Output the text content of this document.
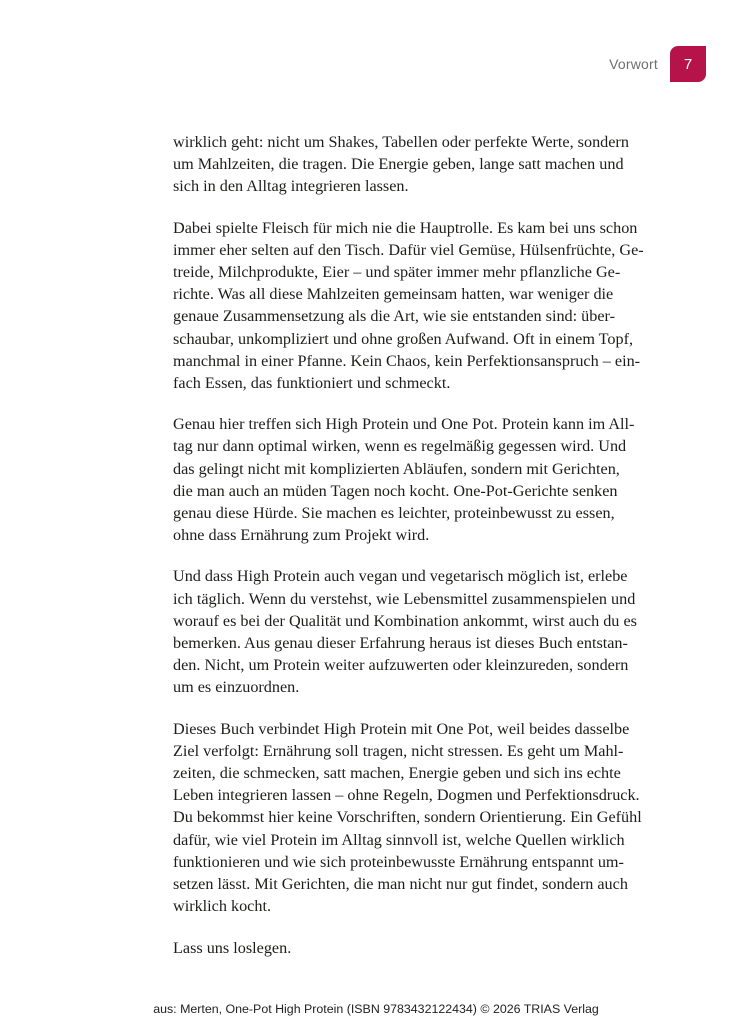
Vorwort	7
wirklich geht: nicht um Shakes, Tabellen oder perfekte Werte, sondern
um Mahlzeiten, die tragen. Die Energie geben, lange satt machen und
sich in den Alltag integrieren lassen.
Dabei spielte Fleisch für mich nie die Hauptrolle. Es kam bei uns schon
immer eher selten auf den Tisch. Dafür viel Gemüse, Hülsenfrüchte, Ge-
treide, Milchprodukte, Eier – und später immer mehr pflanzliche Ge-
richte. Was all diese Mahlzeiten gemeinsam hatten, war weniger die
genaue Zusammensetzung als die Art, wie sie entstanden sind: über-
schaubar, unkompliziert und ohne großen Aufwand. Oft in einem Topf,
manchmal in einer Pfanne. Kein Chaos, kein Perfektionsanspruch – ein-
fach Essen, das funktioniert und schmeckt.
Genau hier treffen sich High Protein und One Pot. Protein kann im All-
tag nur dann optimal wirken, wenn es regelmäßig gegessen wird. Und
das gelingt nicht mit komplizierten Abläufen, sondern mit Gerichten,
die man auch an müden Tagen noch kocht. One-Pot-Gerichte senken
genau diese Hürde. Sie machen es leichter, proteinbewusst zu essen,
ohne dass Ernährung zum Projekt wird.
Und dass High Protein auch vegan und vegetarisch möglich ist, erlebe
ich täglich. Wenn du verstehst, wie Lebensmittel zusammenspielen und
worauf es bei der Qualität und Kombination ankommt, wirst auch du es
bemerken. Aus genau dieser Erfahrung heraus ist dieses Buch entstan-
den. Nicht, um Protein weiter aufzuwerten oder kleinzureden, sondern
um es einzuordnen.
Dieses Buch verbindet High Protein mit One Pot, weil beides dasselbe
Ziel verfolgt: Ernährung soll tragen, nicht stressen. Es geht um Mahl-
zeiten, die schmecken, satt machen, Energie geben und sich ins echte
Leben integrieren lassen – ohne Regeln, Dogmen und Perfektionsdruck.
Du bekommst hier keine Vorschriften, sondern Orientierung. Ein Gefühl
dafür, wie viel Protein im Alltag sinnvoll ist, welche Quellen wirklich
funktionieren und wie sich proteinbewusste Ernährung entspannt um-
setzen lässt. Mit Gerichten, die man nicht nur gut findet, sondern auch
wirklich kocht.
Lass uns loslegen.
aus: Merten, One-Pot High Protein (ISBN 9783432122434) © 2026 TRIAS Verlag
